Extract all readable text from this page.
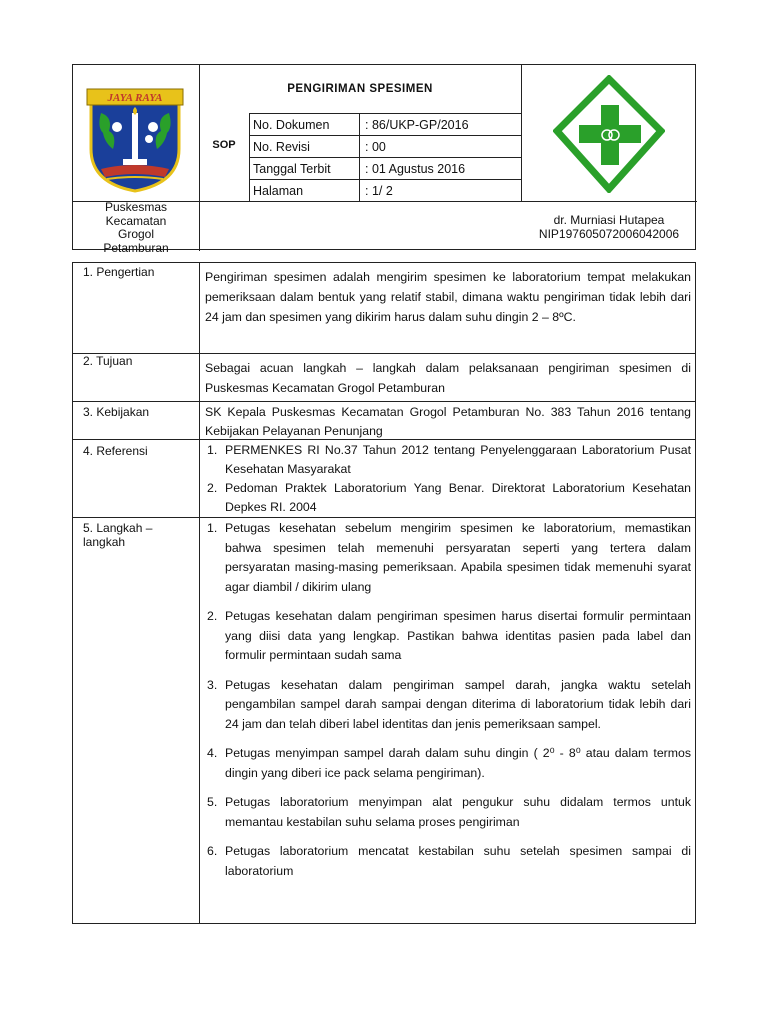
JAYA RAYA
PENGIRIMAN SPESIMEN
SOP
No. Dokumen	: 86/UKP-GP/2016
No. Revisi	: 00
Tanggal Terbit	: 01 Agustus 2016
Halaman	: 1/ 2
Puskesmas
Kecamatan
Grogol
Petamburan
dr. Murniasi Hutapea
NIP197605072006042006
1. Pengertian	Pengiriman spesimen adalah mengirim spesimen ke laboratorium tempat melakukan pemeriksaan dalam bentuk yang relatif stabil, dimana waktu pengiriman tidak lebih dari 24 jam dan spesimen yang dikirim harus dalam suhu dingin 2 – 8ºC.
2. Tujuan	Sebagai acuan langkah – langkah dalam pelaksanaan pengiriman spesimen di Puskesmas Kecamatan Grogol Petamburan
3. Kebijakan	SK Kepala Puskesmas Kecamatan Grogol Petamburan No. 383 Tahun 2016 tentang Kebijakan Pelayanan Penunjang
4. Referensi	1. PERMENKES RI No.37 Tahun 2012 tentang Penyelenggaraan Laboratorium Pusat Kesehatan Masyarakat
2. Pedoman Praktek Laboratorium Yang Benar. Direktorat Laboratorium Kesehatan Depkes RI. 2004
5. Langkah – langkah
1. Petugas kesehatan sebelum mengirim spesimen ke laboratorium, memastikan bahwa spesimen telah memenuhi persyaratan seperti yang tertera dalam persyaratan masing-masing pemeriksaan. Apabila spesimen tidak memenuhi syarat agar diambil / dikirim ulang
2. Petugas kesehatan dalam pengiriman spesimen harus disertai formulir permintaan yang diisi data yang lengkap. Pastikan bahwa identitas pasien pada label dan formulir permintaan sudah sama
3. Petugas kesehatan dalam pengiriman sampel darah, jangka waktu setelah pengambilan sampel darah sampai dengan diterima di laboratorium tidak lebih dari 24 jam dan telah diberi label identitas dan jenis pemeriksaan sampel.
4. Petugas menyimpan sampel darah dalam suhu dingin ( 2⁰ - 8⁰ atau dalam termos dingin yang diberi ice pack selama pengiriman).
5. Petugas laboratorium menyimpan alat pengukur suhu didalam termos untuk memantau kestabilan suhu selama proses pengiriman
6. Petugas laboratorium mencatat kestabilan suhu setelah spesimen sampai di laboratorium
